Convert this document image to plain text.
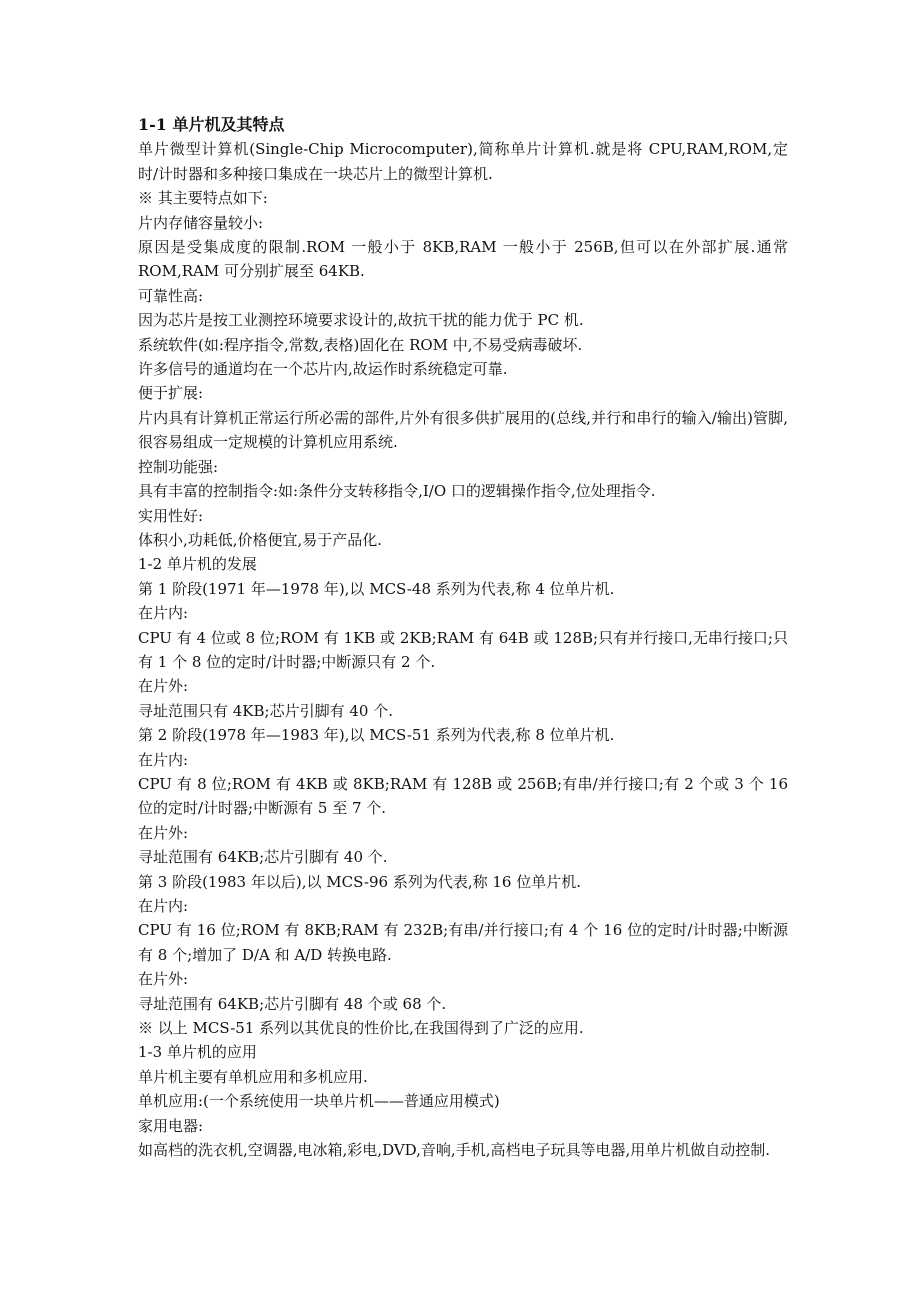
1-1 单片机及其特点
单片微型计算机(Single-Chip Microcomputer),简称单片计算机.就是将 CPU,RAM,ROM,定时/计时器和多种接口集成在一块芯片上的微型计算机.
※ 其主要特点如下:
片内存储容量较小:
原因是受集成度的限制.ROM 一般小于 8KB,RAM 一般小于 256B,但可以在外部扩展.通常 ROM,RAM 可分别扩展至 64KB.
可靠性高:
因为芯片是按工业测控环境要求设计的,故抗干扰的能力优于 PC 机.
系统软件(如:程序指令,常数,表格)固化在 ROM 中,不易受病毒破坏.
许多信号的通道均在一个芯片内,故运作时系统稳定可靠.
便于扩展:
片内具有计算机正常运行所必需的部件,片外有很多供扩展用的(总线,并行和串行的输入/输出)管脚,很容易组成一定规模的计算机应用系统.
控制功能强:
具有丰富的控制指令:如:条件分支转移指令,I/O 口的逻辑操作指令,位处理指令.
实用性好:
体积小,功耗低,价格便宜,易于产品化.
1-2 单片机的发展
第 1 阶段(1971 年—1978 年),以 MCS-48 系列为代表,称 4 位单片机.
在片内:
CPU 有 4 位或 8 位;ROM 有 1KB 或 2KB;RAM 有 64B 或 128B;只有并行接口,无串行接口;只有 1 个 8 位的定时/计时器;中断源只有 2 个.
在片外:
寻址范围只有 4KB;芯片引脚有 40 个.
第 2 阶段(1978 年—1983 年),以 MCS-51 系列为代表,称 8 位单片机.
在片内:
CPU 有 8 位;ROM 有 4KB 或 8KB;RAM 有 128B 或 256B;有串/并行接口;有 2 个或 3 个 16 位的定时/计时器;中断源有 5 至 7 个.
在片外:
寻址范围有 64KB;芯片引脚有 40 个.
第 3 阶段(1983 年以后),以 MCS-96 系列为代表,称 16 位单片机.
在片内:
CPU 有 16 位;ROM 有 8KB;RAM 有 232B;有串/并行接口;有 4 个 16 位的定时/计时器;中断源有 8 个;增加了 D/A 和 A/D 转换电路.
在片外:
寻址范围有 64KB;芯片引脚有 48 个或 68 个.
※ 以上 MCS-51 系列以其优良的性价比,在我国得到了广泛的应用.
1-3 单片机的应用
单片机主要有单机应用和多机应用.
单机应用:(一个系统使用一块单片机——普通应用模式)
家用电器:
如高档的洗衣机,空调器,电冰箱,彩电,DVD,音响,手机,高档电子玩具等电器,用单片机做自动控制.
